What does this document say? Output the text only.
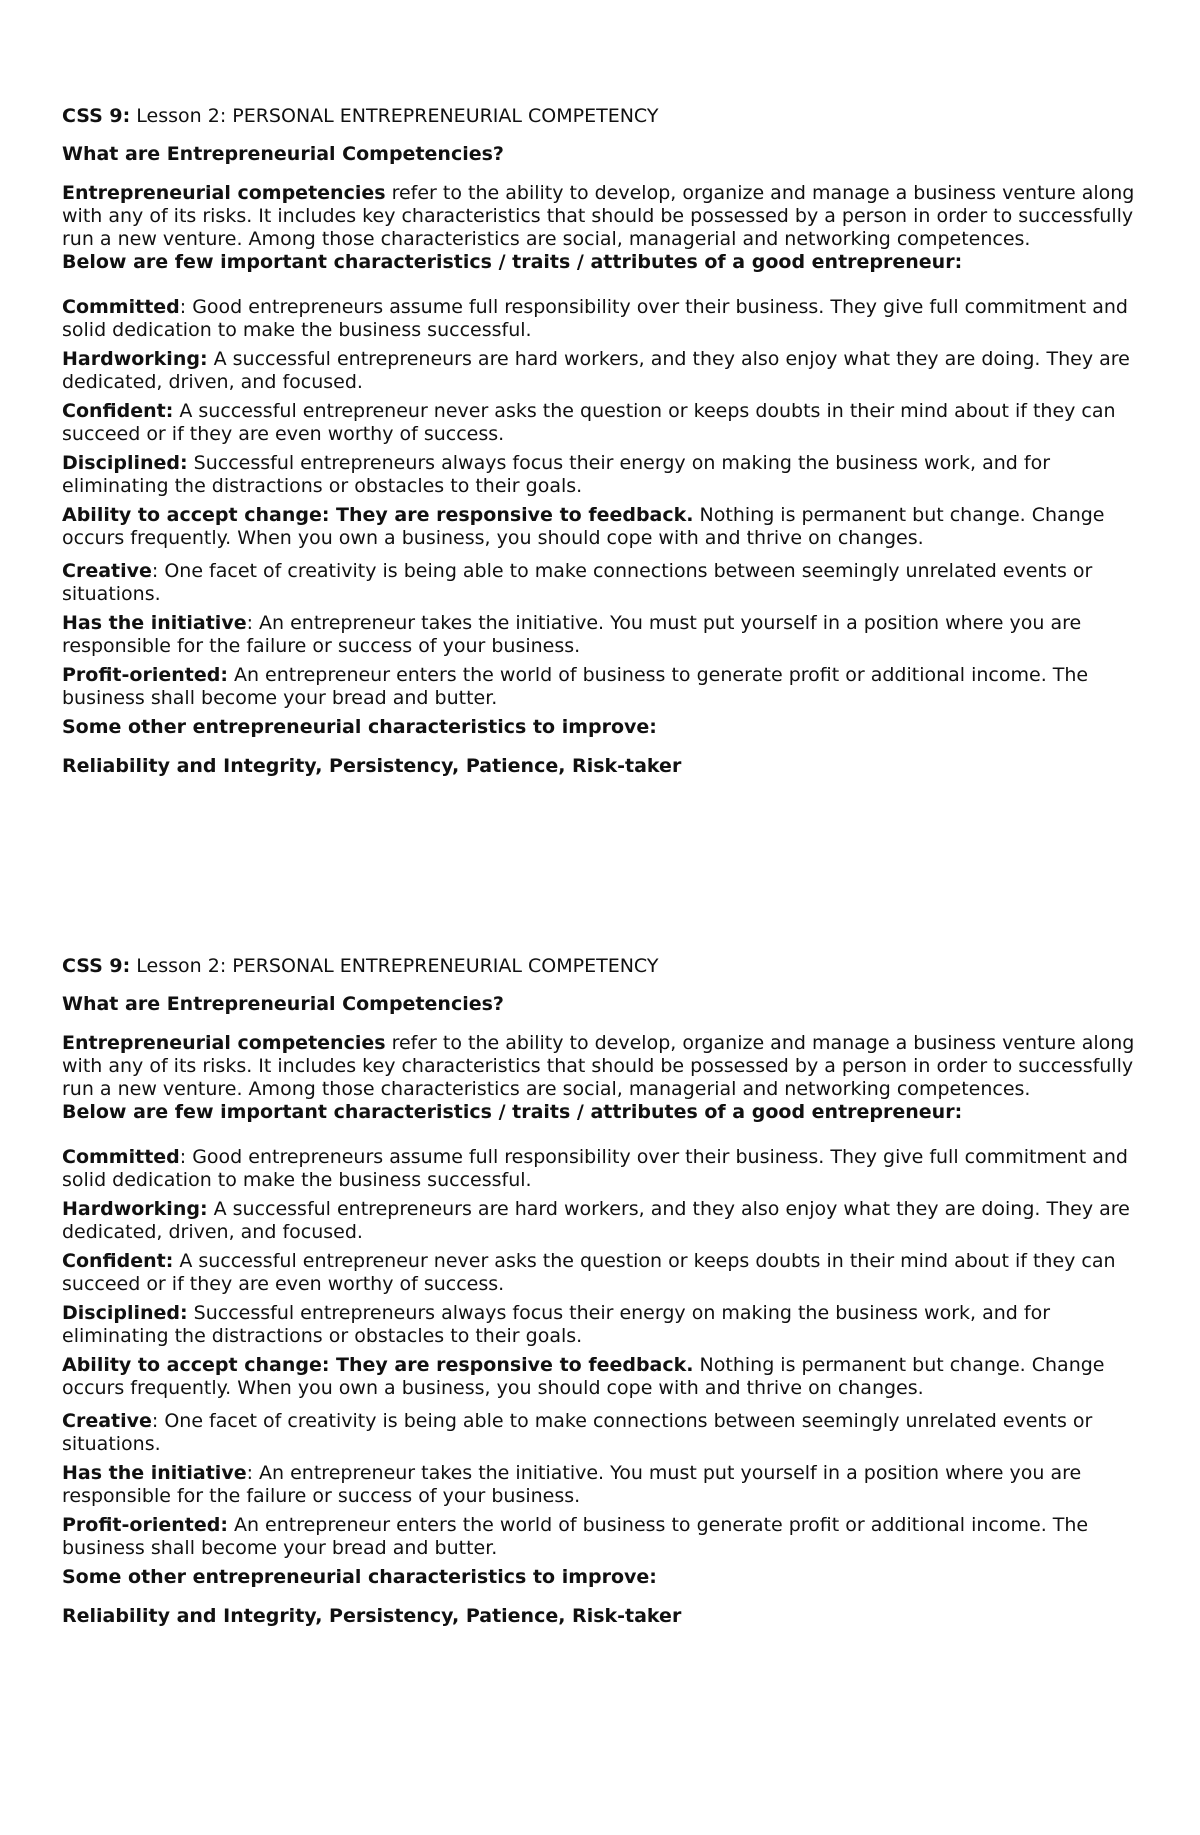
CSS 9: Lesson 2: PERSONAL ENTREPRENEURIAL COMPETENCY

What are Entrepreneurial Competencies?

Entrepreneurial competencies refer to the ability to develop, organize and manage a business venture along with any of its risks. It includes key characteristics that should be possessed by a person in order to successfully run a new venture. Among those characteristics are social, managerial and networking competences.

Below are few important characteristics / traits / attributes of a good entrepreneur:

Committed: Good entrepreneurs assume full responsibility over their business. They give full commitment and solid dedication to make the business successful.

Hardworking: A successful entrepreneurs are hard workers, and they also enjoy what they are doing. They are dedicated, driven, and focused.

Confident: A successful entrepreneur never asks the question or keeps doubts in their mind about if they can succeed or if they are even worthy of success.

Disciplined: Successful entrepreneurs always focus their energy on making the business work, and for eliminating the distractions or obstacles to their goals.

Ability to accept change: They are responsive to feedback. Nothing is permanent but change. Change occurs frequently. When you own a business, you should cope with and thrive on changes.

Creative: One facet of creativity is being able to make connections between seemingly unrelated events or situations.

Has the initiative: An entrepreneur takes the initiative. You must put yourself in a position where you are responsible for the failure or success of your business.

Profit-oriented: An entrepreneur enters the world of business to generate profit or additional income. The business shall become your bread and butter.

Some other entrepreneurial characteristics to improve:

Reliability and Integrity, Persistency, Patience, Risk-taker

CSS 9: Lesson 2: PERSONAL ENTREPRENEURIAL COMPETENCY

What are Entrepreneurial Competencies?

Entrepreneurial competencies refer to the ability to develop, organize and manage a business venture along with any of its risks. It includes key characteristics that should be possessed by a person in order to successfully run a new venture. Among those characteristics are social, managerial and networking competences.

Below are few important characteristics / traits / attributes of a good entrepreneur:

Committed: Good entrepreneurs assume full responsibility over their business. They give full commitment and solid dedication to make the business successful.

Hardworking: A successful entrepreneurs are hard workers, and they also enjoy what they are doing. They are dedicated, driven, and focused.

Confident: A successful entrepreneur never asks the question or keeps doubts in their mind about if they can succeed or if they are even worthy of success.

Disciplined: Successful entrepreneurs always focus their energy on making the business work, and for eliminating the distractions or obstacles to their goals.

Ability to accept change: They are responsive to feedback. Nothing is permanent but change. Change occurs frequently. When you own a business, you should cope with and thrive on changes.

Creative: One facet of creativity is being able to make connections between seemingly unrelated events or situations.

Has the initiative: An entrepreneur takes the initiative. You must put yourself in a position where you are responsible for the failure or success of your business.

Profit-oriented: An entrepreneur enters the world of business to generate profit or additional income. The business shall become your bread and butter.

Some other entrepreneurial characteristics to improve:

Reliability and Integrity, Persistency, Patience, Risk-taker
